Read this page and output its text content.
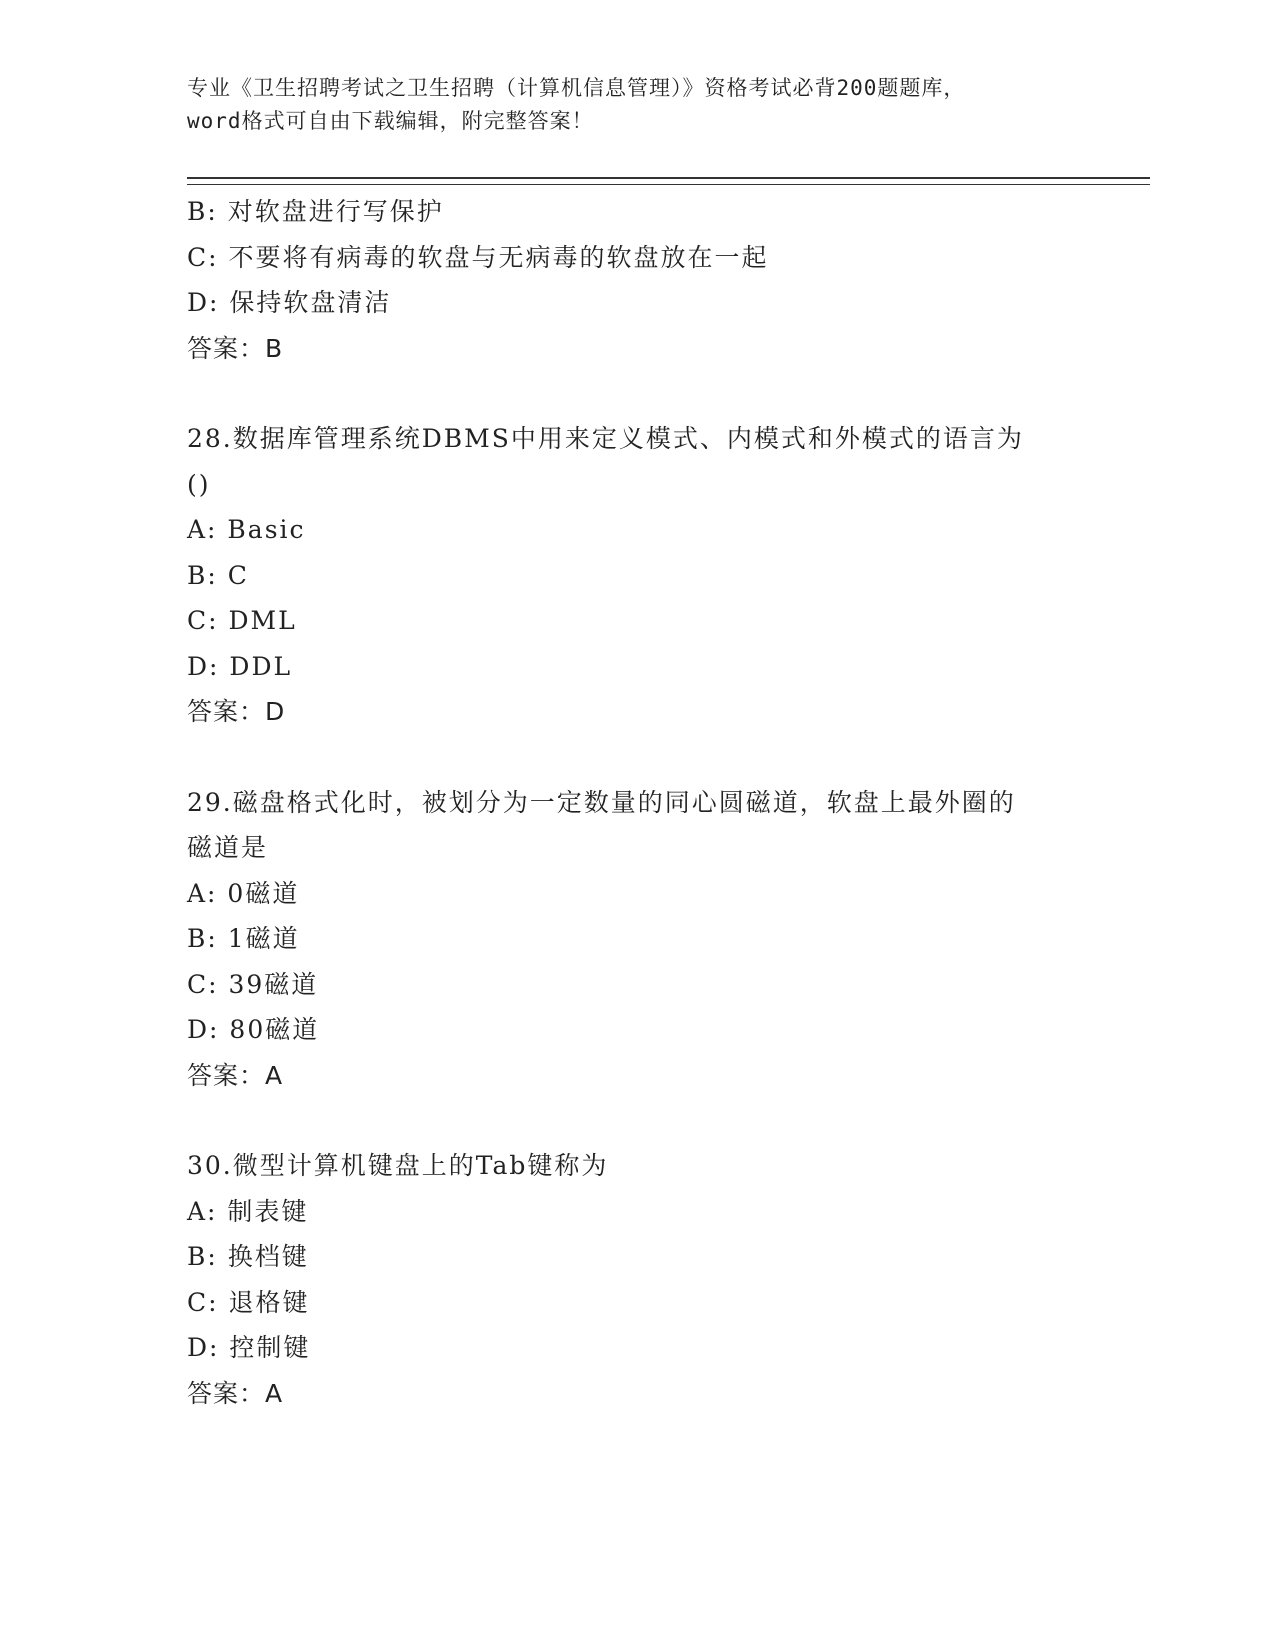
专业《卫生招聘考试之卫生招聘（计算机信息管理）》资格考试必背200题题库，
word格式可自由下载编辑，附完整答案！
B: 对软盘进行写保护
C: 不要将有病毒的软盘与无病毒的软盘放在一起
D: 保持软盘清洁
答案：B
28.数据库管理系统DBMS中用来定义模式、内模式和外模式的语言为
()
A: Basic
B: C
C: DML
D: DDL
答案：D
29.磁盘格式化时，被划分为一定数量的同心圆磁道，软盘上最外圈的
磁道是
A: 0磁道
B: 1磁道
C: 39磁道
D: 80磁道
答案：A
30.微型计算机键盘上的Tab键称为
A: 制表键
B: 换档键
C: 退格键
D: 控制键
答案：A
